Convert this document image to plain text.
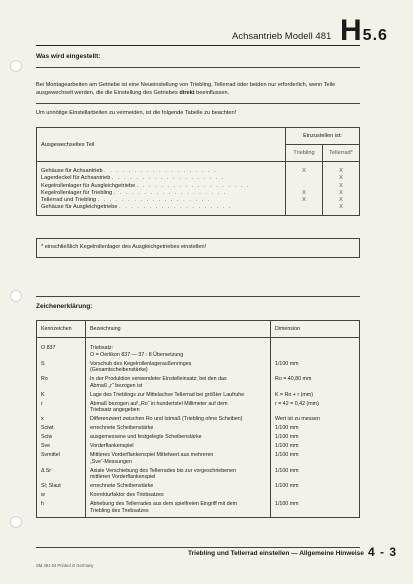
Achsantrieb Modell 481 H 5.6
Was wird eingestellt:
Bei Montagearbeiten am Getriebe ist eine Neueinstellung von Triebling, Tellerrad oder beiden nur erforderlich, wenn Teile ausgewechselt werden, die die Einstellung des Getriebes direkt beeinflussen.
Um unnötige Einstellarbeiten zu vermeiden, ist die folgende Tabelle zu beachten!
Ausgewechseltes Teil	Einzustellen ist:	
	Triebling	Tellerrad*
Gehäuse für Achsantrieb . . . . . . . . . . . . . . . . . . .	X	X
Lagerdeckel für Achsantrieb . . . . . . . . . . . . . . . . . . .		X
Kegelrollenlager für Ausgleichgetriebe . . . . . . . . . . . . . . . . . . .		X
Kegelrollenlager für Triebling . . . . . . . . . . . . . . . . . . .	X	X
Tellerrad und Triebling . . . . . . . . . . . . . . . . . . .	X	X
Gehäuse für Ausgleichgetriebe . . . . . . . . . . . . . . . . . . .		X
* einschließlich Kegelrollenlager des Ausgleichgetriebes einstellen!
Zeichenerklärung:
Kennzeichen	Bezeichnung	Dimension

O 837	Triebsatz:
O = Oerlikon 837 — 37 : 8 Übersetzung	

S	Vorschub des Kegelrollenlageraußenringes
(Gesamtscheibenstärke)	1/100 mm
Ro	In der Produktion verwendeter Einstelleinsatz; bei den das
Abmaß „r“ bezogen ist	Ro = 40,80 mm
K	Lage des Trieblings zur Mittelachse Tellerrad bei größter Laufruhe	K = Ro + r (mm)
r	Abmaß bezogen auf „Ro“ in hundertstel Millimeter auf dem
Triebsatz angegeben	r = 42 = 0,42 (mm)
x	Differenzwert zwischen Ro und Istmaß (Triebling ohne Scheiben)	Wert ist zu messen
Sciwt	errechnete Scheibenstärke	1/100 mm
Sciw	ausgemessene und festgelegte Scheibenstärke	1/100 mm
Sve	Vorderflankenspiel	1/100 mm
Svmittel	Mittleres Vorderflankenspiel Mittelwert aus mehreren
„Sve“-Messungen	1/100 mm
Δ Sr	Axiale Verschiebung des Tellerrades bis zur vorgeschriebenen
mittleren Vorderflankenspiel	1/100 mm
Sl; Slaut	errechnete Scheibenstärke	1/100 mm
w	Korrekturfaktor des Triebsatzes	

h	Abhebung des Tellerrades aus dem spielfreien Eingriff mit dem
Triebling des Triebsatzes	1/100 mm
Triebling und Tellerrad einstellen — Allgemeine Hinweise 4 - 3
SM 481 04 Printed in Germany
